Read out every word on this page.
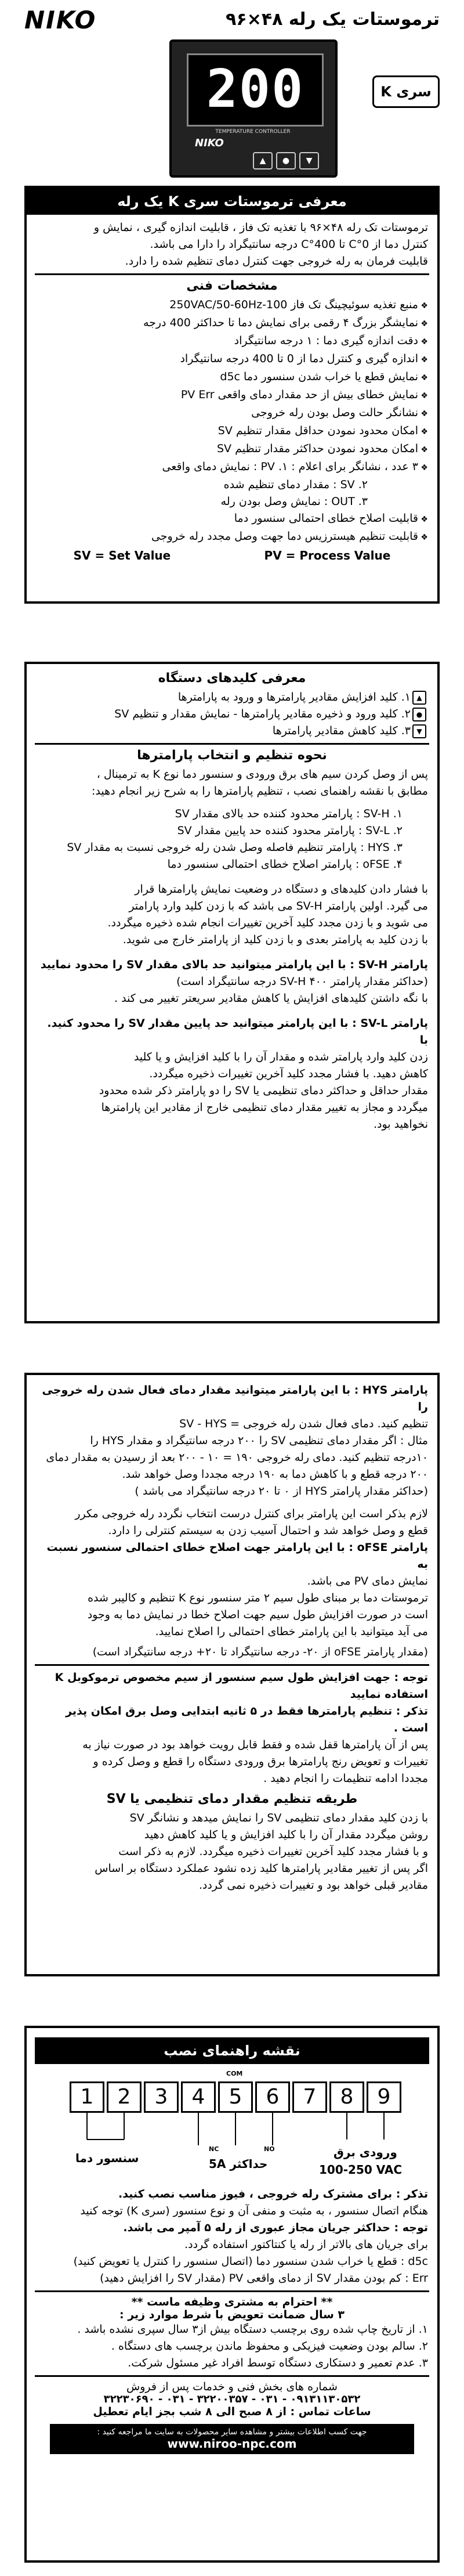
NIKO	ترموستات یک رله ۴۸×۹۶
سری K
200
TEMPERATURE CONTROLLER
NIKO
▲	●	▼
معرفی ترموستات سری K یک رله
ترموستات تک رله ۴۸×۹۶ با تغذیه تک فاز ، قابلیت اندازه گیری ، نمایش و
کنترل دما از 0°C تا 400°C درجه سانتیگراد را دارا می باشد.
قابلیت فرمان به رله خروجی جهت کنترل دمای تنظیم شده را دارد.
مشخصات فنی
❖ منبع تغذیه سوئیچینگ تک فاز 100-250VAC/50-60Hz
❖ نمایشگر بزرگ ۴ رقمی برای نمایش دما تا حداکثر 400 درجه
❖ دقت اندازه گیری دما : ۱ درجه سانتیگراد
❖ اندازه گیری و کنترل دما از 0 تا 400 درجه سانتیگراد
❖ نمایش قطع یا خراب شدن سنسور دما d5c
❖ نمایش خطای بیش از حد مقدار دمای واقعی PV Err
❖ نشانگر حالت وصل بودن رله خروجی
❖ امکان محدود نمودن حداقل مقدار تنظیم SV
❖ امکان محدود نمودن حداکثر مقدار تنظیم SV
❖ ۳ عدد ، نشانگر برای اعلام : ۱. PV : نمایش دمای واقعی
۲. SV : مقدار دمای تنظیم شده
۳. OUT : نمایش وصل بودن رله
❖ قابلیت اصلاح خطای احتمالی سنسور دما
❖ قابلیت تنظیم هیسترزیس دما جهت وصل مجدد رله خروجی
SV = Set Value	PV = Process Value
معرفی کلیدهای دستگاه
▲۱. کلید افزایش مقادیر پارامترها و ورود به پارامترها
●۲. کلید ورود و ذخیره مقادیر پارامترها - نمایش مقدار و تنظیم SV
▼۳. کلید کاهش مقادیر پارامترها
نحوه تنظیم و انتخاب پارامترها
پس از وصل کردن سیم های برق ورودی و سنسور دما نوع K به ترمینال ،
مطابق با نقشه راهنمای نصب ، تنظیم پارامترها را به شرح زیر انجام دهید:
۱. SV-H : پارامتر محدود کننده حد بالای مقدار SV
۲. SV-L : پارامتر محدود کننده حد پایین مقدار SV
۳. HYS : پارامتر تنظیم فاصله وصل شدن رله خروجی نسبت به مقدار SV
۴. oFSE : پارامتر اصلاح خطای احتمالی سنسور دما
با فشار دادن کلیدهای و دستگاه در وضعیت نمایش پارامترها قرار
می گیرد. اولین پارامتر SV-H می باشد که با زدن کلید وارد پارامتر
می شوید و با زدن مجدد کلید آخرین تغییرات انجام شده ذخیره میگردد.
با زدن کلید به پارامتر بعدی و با زدن کلید از پارامتر خارج می شوید.
پارامتر SV-H : با این پارامتر میتوانید حد بالای مقدار SV را محدود نمایید
(حداکثر مقدار پارامتر SV-H ۴۰۰ درجه سانتیگراد است)
با نگه داشتن کلیدهای افزایش یا کاهش مقادیر سریعتر تغییر می کند .
پارامتر SV-L : با این پارامتر میتوانید حد پایین مقدار SV را محدود کنید. با
زدن کلید وارد پارامتر شده و مقدار آن را با کلید افزایش و یا کلید
کاهش دهید. با فشار مجدد کلید آخرین تغییرات ذخیره میگردد.
مقدار حداقل و حداکثر دمای تنظیمی یا SV را دو پارامتر ذکر شده محدود
میگردد و مجاز به تغییر مقدار دمای تنظیمی خارج از مقادیر این پارامترها
نخواهید بود.
پارامتر HYS : با این پارامتر میتوانید مقدار دمای فعال شدن رله خروجی را
تنظیم کنید. دمای فعال شدن رله خروجی = SV - HYS
مثال : اگر مقدار دمای تنظیمی SV را ۲۰۰ درجه سانتیگراد و مقدار HYS را
۱۰درجه تنظیم کنید. دمای رله خروجی ۱۹۰ = ۱۰ - ۲۰۰ بعد از رسیدن به مقدار دمای
۲۰۰ درجه قطع و با کاهش دما به ۱۹۰ درجه مجددا وصل خواهد شد.
(حداکثر مقدار پارامتر HYS از ۰ تا ۲۰ درجه سانتیگراد می باشد )
لازم بذکر است این پارامتر برای کنترل درست انتخاب نگردد رله خروجی مکرر
قطع و وصل خواهد شد و احتمال آسیب زدن به سیستم کنترلی را دارد.
پارامتر oFSE : با این پارامتر جهت اصلاح خطای احتمالی سنسور نسبت به
نمایش دمای PV می باشد.
ترموستات دما بر مبنای طول سیم ۲ متر سنسور نوع K تنظیم و کالیبر شده
است در صورت افزایش طول سیم جهت اصلاح خطا در نمایش دما به وجود
می آید میتوانید با این پارامتر خطای احتمالی را اصلاح نمایید.
(مقدار پارامتر oFSE از ۲۰- درجه سانتیگراد تا ۲۰+ درجه سانتیگراد است)
توجه : جهت افزایش طول سیم سنسور از سیم مخصوص ترموکوبل K استفاده نمایید
تذکر : تنظیم پارامترها فقط در ۵ ثانیه ابتدایی وصل برق امکان پذیر است .
پس از آن پارامترها قفل شده و فقط قابل رویت خواهد بود در صورت نیاز به
تغییرات و تعویض رنج پارامترها برق ورودی دستگاه را قطع و وصل کرده و
مجددا ادامه تنظیمات را انجام دهید .
طریقه تنظیم مقدار دمای تنظیمی یا SV
با زدن کلید مقدار دمای تنظیمی SV را نمایش میدهد و نشانگر SV
روشن میگردد مقدار آن را با کلید افزایش و یا کلید کاهش دهید
و با فشار مجدد کلید آخرین تغییرات ذخیره میگردد. لازم به ذکر است
اگر پس از تغییر مقادیر پارامترها کلید زده نشود عملکرد دستگاه بر اساس
مقادیر قبلی خواهد بود و تغییرات ذخیره نمی گردد.
نقشه راهنمای نصب
1	2	3	4	5	6	7	8	9
سنسور دما
COM
NC	NO
حداکثر 5A
ورودی برق
100-250 VAC
تذکر : برای مشترک رله خروجی ، فیوز مناسب نصب کنید.
هنگام اتصال سنسور ، به مثبت و منفی آن و نوع سنسور (سری K) توجه کنید
توجه : حداکثر جریان مجاز عبوری از رله ۵ آمپر می باشد.
برای جریان های بالاتر از رله یا کنتاکتور استفاده گردد.
d5c : قطع یا خراب شدن سنسور دما (اتصال سنسور را کنترل یا تعویض کنید)
Err : کم بودن مقدار SV از دمای واقعی PV (مقدار SV را افزایش دهید)
** احترام به مشتری وظیفه ماست **
۳ سال ضمانت تعویض با شرط موارد زیر :
۱. از تاریخ چاپ شده روی برچسب دستگاه بیش از۳ سال سپری نشده باشد .
۲. سالم بودن وضعیت فیزیکی و محفوظ ماندن برچسب های دستگاه .
۳. عدم تعمیر و دستکاری دستگاه توسط افراد غیر مسئول شرکت.
شماره های بخش فنی و خدمات پس از فروش
۰۹۱۳۱۱۳۰۵۳۲ - ۰۳۱ - ۳۲۲۰۰۳۵۷ - ۰۳۱ - ۳۲۲۳۰۶۹۰
ساعات تماس : از ۸ صبح الی ۸ شب بجز ایام تعطیل
جهت کسب اطلاعات بیشتر و مشاهده سایر محصولات به سایت ما مراجعه کنید :
www.niroo-npc.com
